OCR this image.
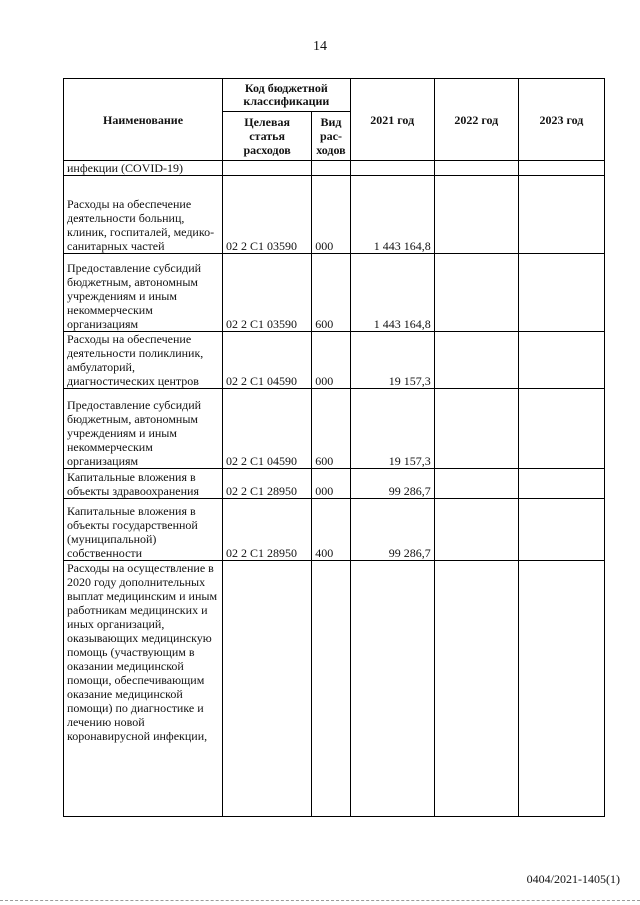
14
Наименование	Код бюджетной классификации		2021 год	2022 год	2023 год
	Целевая статья расходов	Вид рас-ходов			
инфекции (COVID-19)					
Расходы на обеспечение деятельности больниц, клиник, госпиталей, медико-санитарных частей	02 2 C1 03590	000	1 443 164,8		
Предоставление субсидий бюджетным, автономным учреждениям и иным некоммерческим организациям	02 2 C1 03590	600	1 443 164,8		
Расходы на обеспечение деятельности поликлиник, амбулаторий, диагностических центров	02 2 C1 04590	000	19 157,3		
Предоставление субсидий бюджетным, автономным учреждениям и иным некоммерческим организациям	02 2 C1 04590	600	19 157,3		
Капитальные вложения в объекты здравоохранения	02 2 C1 28950	000	99 286,7		
Капитальные вложения в объекты государственной (муниципальной) собственности	02 2 C1 28950	400	99 286,7		
Расходы на осуществление в 2020 году дополнительных выплат медицинским и иным работникам медицинских и иных организаций, оказывающих медицинскую помощь (участвующим в оказании медицинской помощи, обеспечивающим оказание медицинской помощи) по диагностике и лечению новой коронавирусной инфекции,					
0404/2021-1405(1)
